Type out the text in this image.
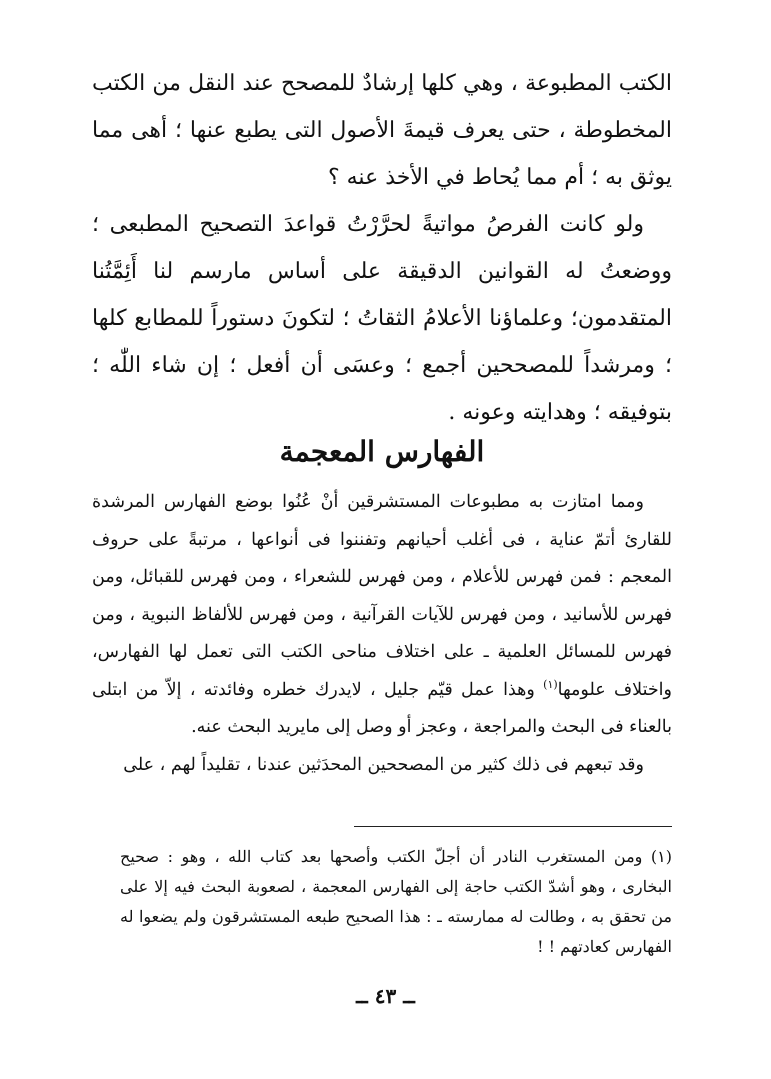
الكتب المطبوعة ، وهي كلها إرشادٌ للمصحح عند النقل من الكتب المخطوطة ، حتى يعرف قيمةَ الأصول التى يطبع عنها ؛ أهى مما يوثق به ؛ أم مما يُحاط في الأخذ عنه ؟

ولو كانت الفرصُ مواتيةً لحرَّرْتُ قواعدَ التصحيح المطبعى ؛ ووضعتُ له القوانين الدقيقة على أساس مارسم لنا أَئِمَّتُنا المتقدمون؛ وعلماؤنا الأعلامُ الثقاتُ ؛ لتكونَ دستوراً للمطابع كلها ؛ ومرشداً للمصححين أجمع ؛ وعسَى أن أفعل ؛ إن شاء اللّٰه ؛ بتوفيقه ؛ وهدايته وعونه .

الفهارس المعجمة

ومما امتازت به مطبوعات المستشرقين أنْ عُنُوا بوضع الفهارس المرشدة للقارئ أتمّ عناية ، فى أغلب أحيانهم وتفننوا فى أنواعها ، مرتبةً على حروف المعجم : فمن فهرس للأعلام ، ومن فهرس للشعراء ، ومن فهرس للقبائل، ومن فهرس للأسانيد ، ومن فهرس للآيات القرآنية ، ومن فهرس للألفاظ النبوية ، ومن فهرس للمسائل العلمية ـ على اختلاف مناحى الكتب التى تعمل لها الفهارس، واختلاف علومها$^{(١)}$ وهذا عمل قيّم جليل ، لايدرك خطره وفائدته ، إلاّ من ابتلى بالعناء فى البحث والمراجعة ، وعجز أو وصل إلى مايريد البحث عنه.

وقد تبعهم فى ذلك كثير من المصححين المحدَثين عندنا ، تقليداً لهم ، على

(١) ومن المستغرب النادر أن أجلّ الكتب وأصحها بعد كتاب الله ، وهو : صحيح البخارى ، وهو أشدّ الكتب حاجة إلى الفهارس المعجمة ، لصعوبة البحث فيه إلا على من تحقق به ، وطالت له ممارسته ـ : هذا الصحيح طبعه المستشرقون ولم يضعوا له الفهارس كعادتهم ! !

ــ ٤٣ ــ
